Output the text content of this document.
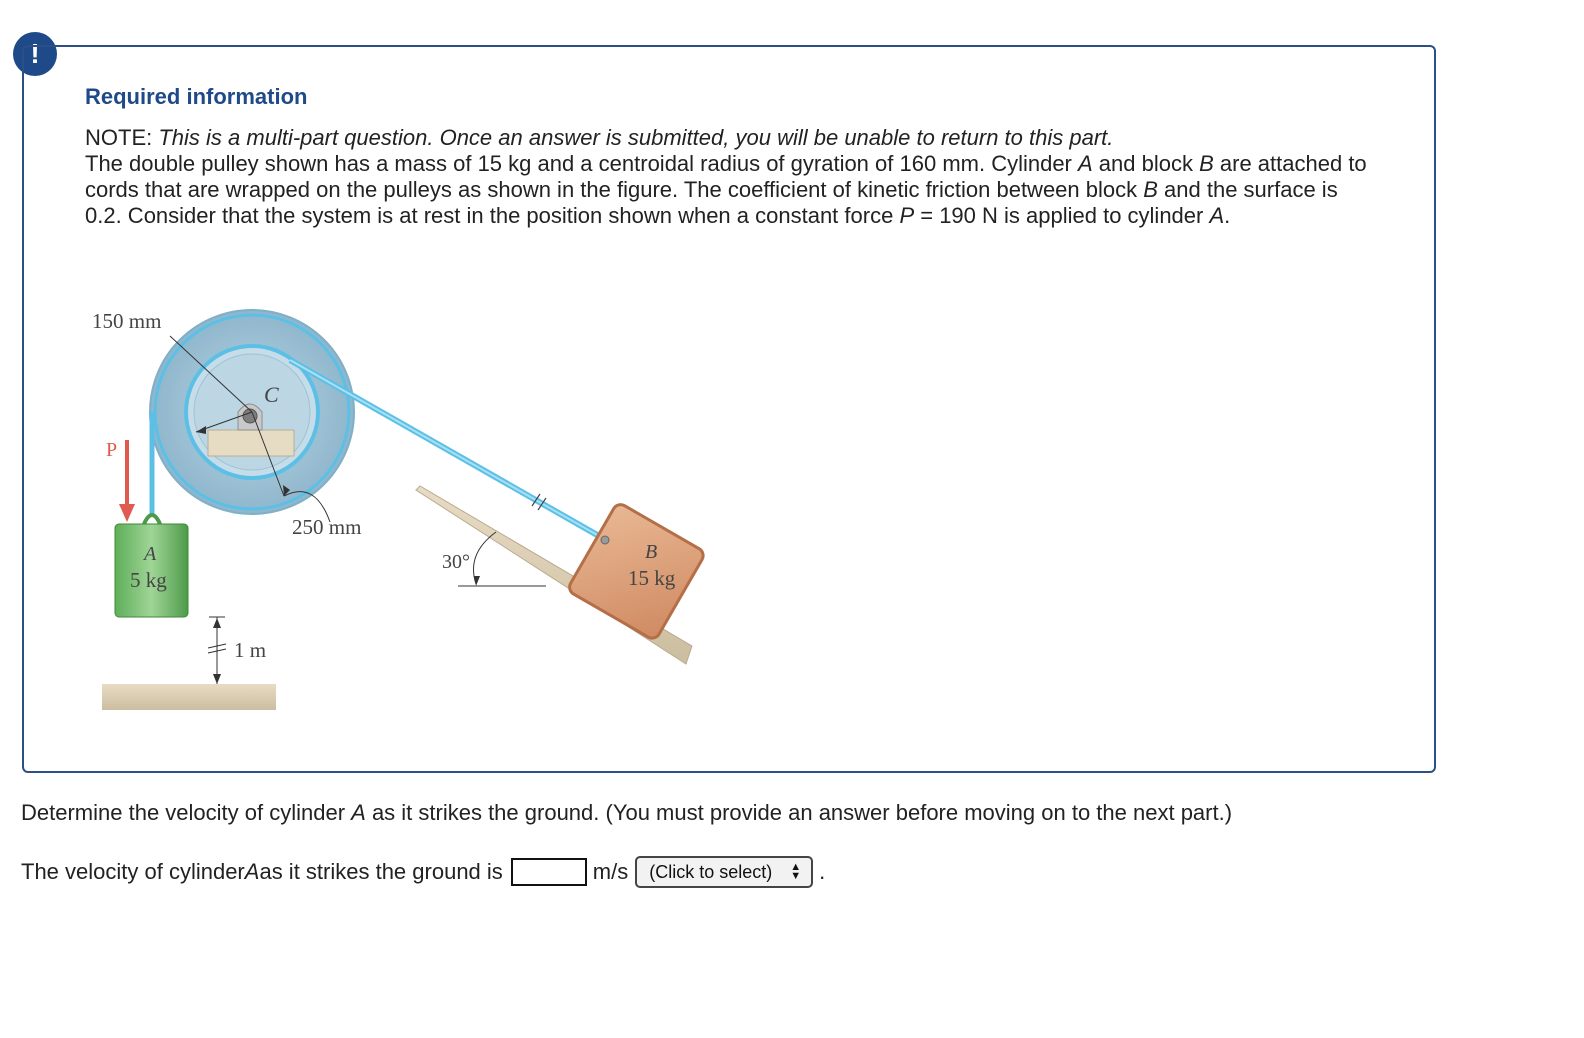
!
Required information
NOTE: This is a multi-part question. Once an answer is submitted, you will be unable to return to this part.
The double pulley shown has a mass of 15 kg and a centroidal radius of gyration of 160 mm. Cylinder A and block B are attached to cords that are wrapped on the pulleys as shown in the figure. The coefficient of kinetic friction between block B and the surface is 0.2. Consider that the system is at rest in the position shown when a constant force P = 190 N is applied to cylinder A.
C
150 mm
250 mm
P
A
5 kg
1 m
B
15 kg
30°
Determine the velocity of cylinder A as it strikes the ground. (You must provide an answer before moving on to the next part.)
The velocity of cylinder A as it strikes the ground is	m/s (Click to select) ▲
▼ .
